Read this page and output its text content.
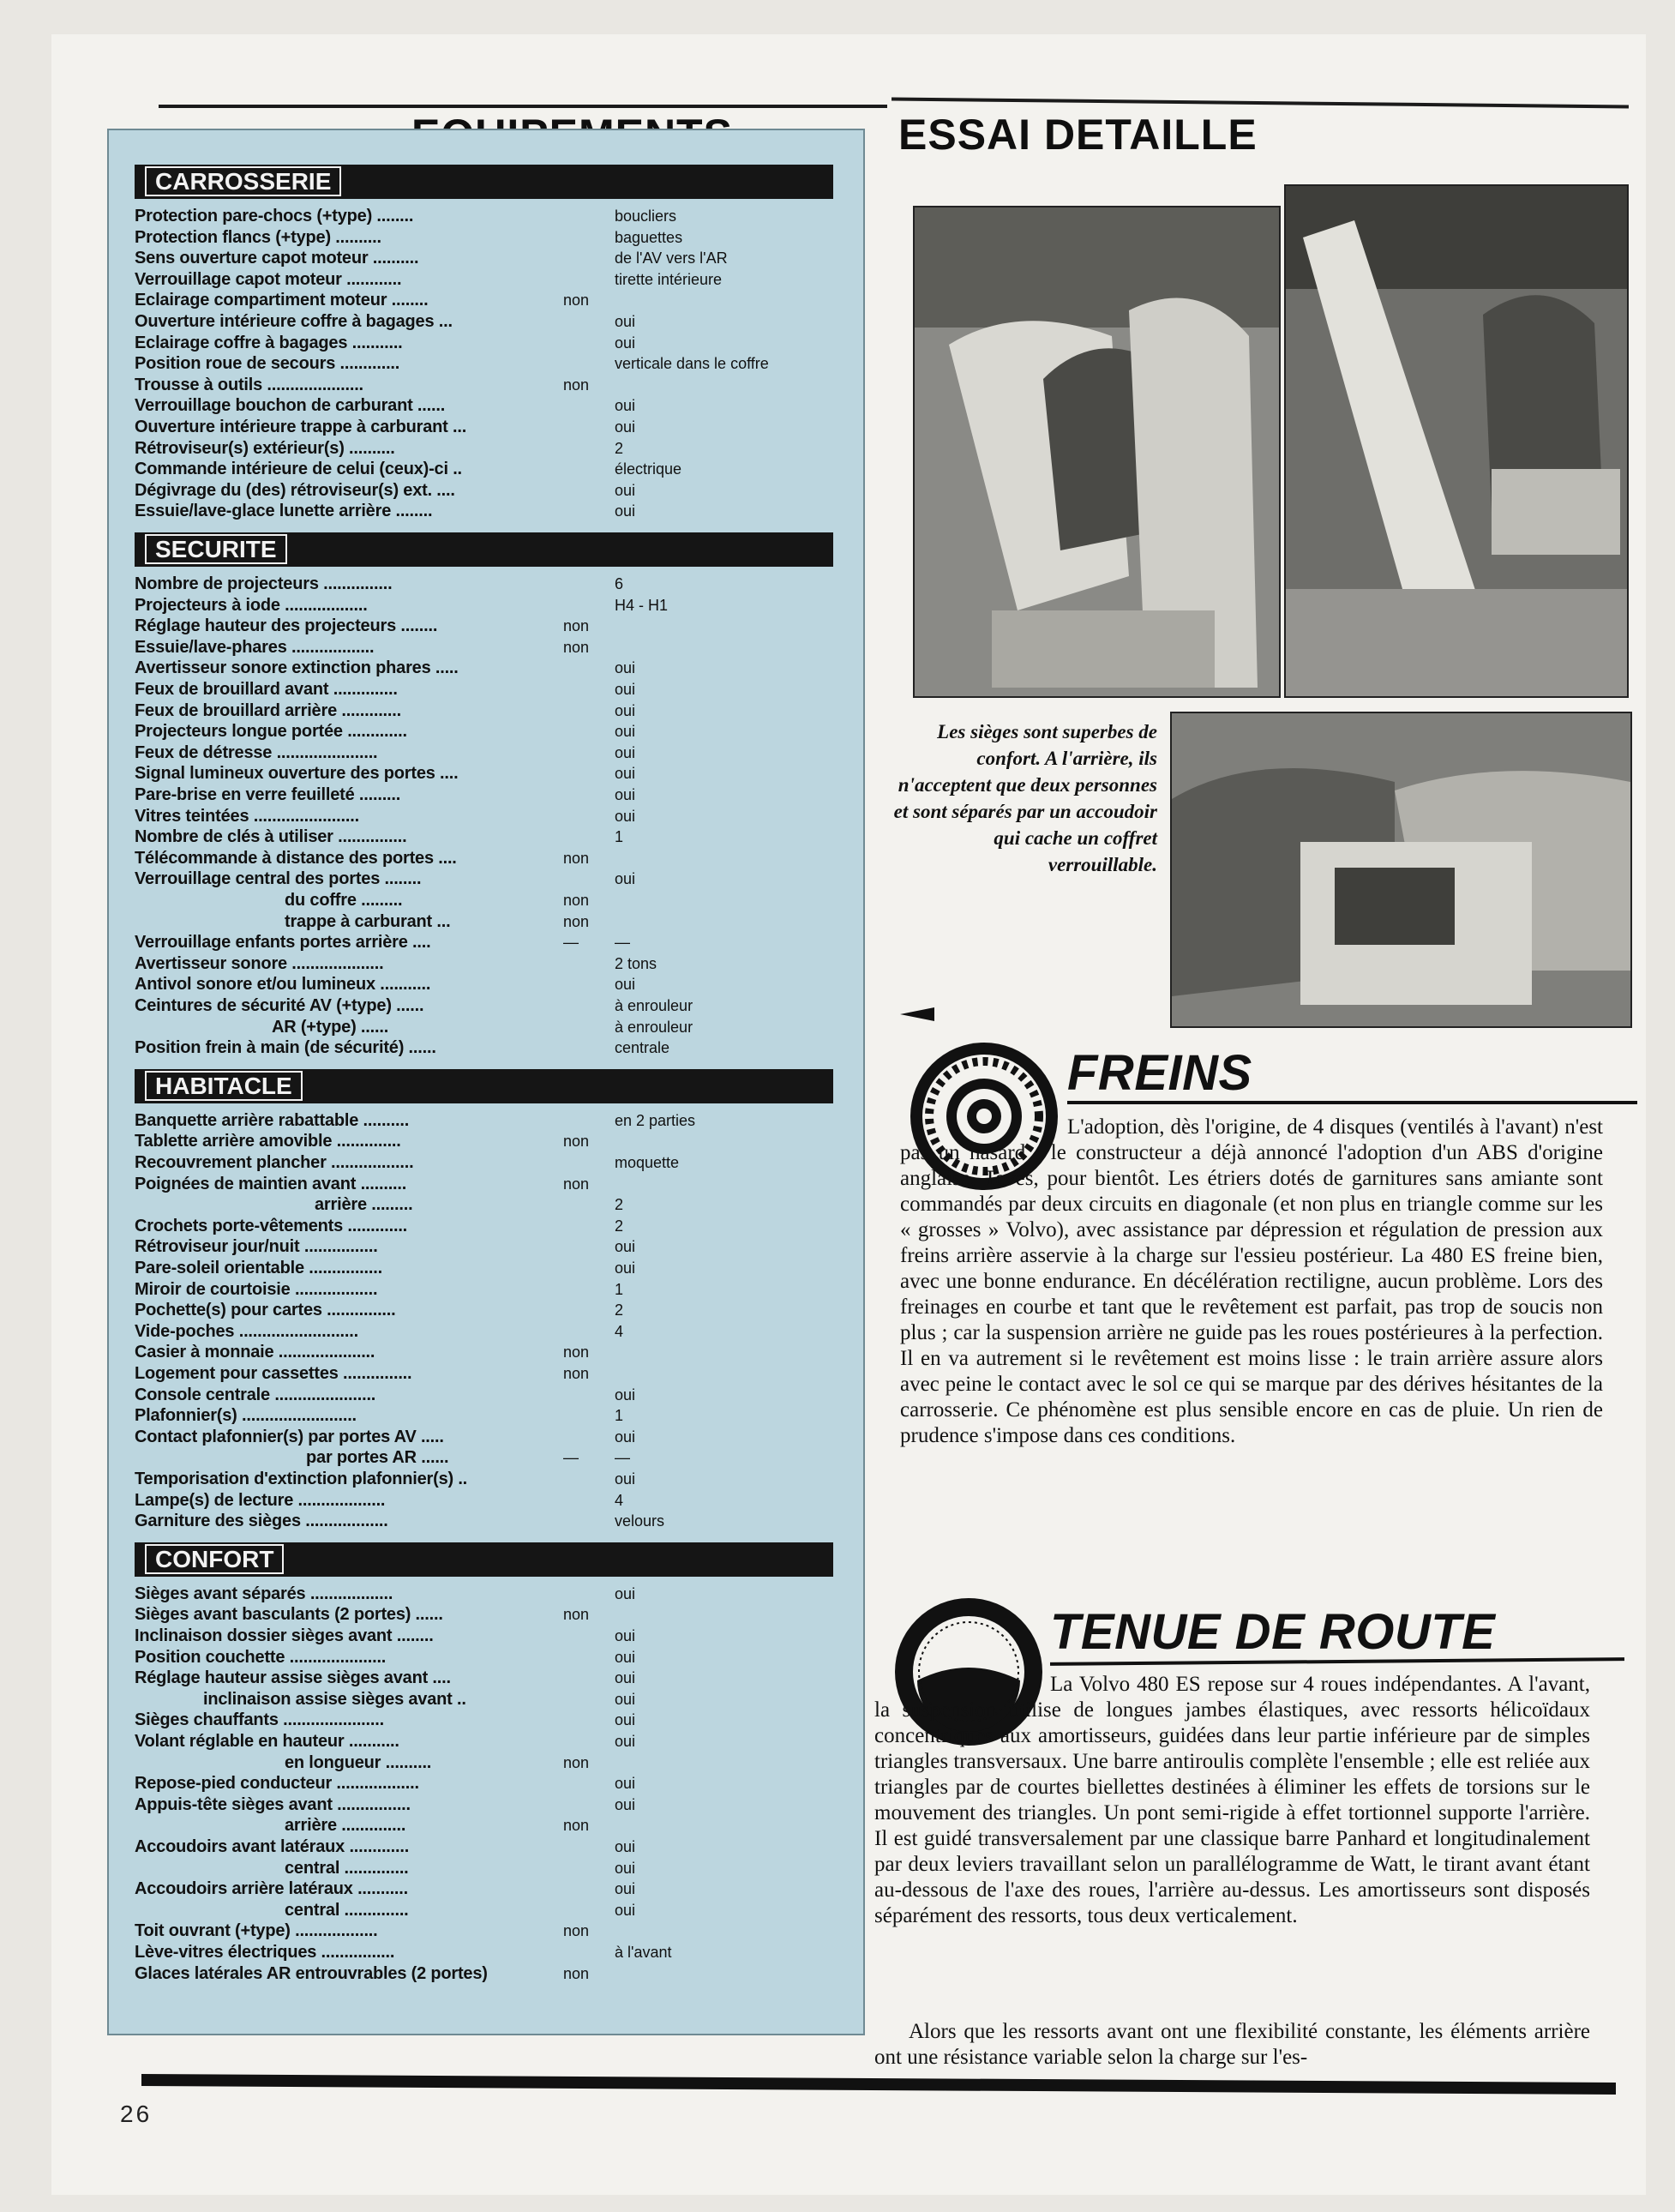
ESSAI DETAILLE
CARROSSERIE
Protection pare-chocs (+type) ........	boucliers
Protection flancs (+type) ..........	baguettes
Sens ouverture capot moteur ..........	de l'AV vers l'AR
Verrouillage capot moteur ............	tirette intérieure
Eclairage compartiment moteur ........	non
Ouverture intérieure coffre à bagages ...	oui
Eclairage coffre à bagages ...........	oui
Position roue de secours .............	verticale dans le coffre
Trousse à outils .....................	non
Verrouillage bouchon de carburant ......	oui
Ouverture intérieure trappe à carburant ...	oui
Rétroviseur(s) extérieur(s) ..........	2
Commande intérieure de celui (ceux)-ci ..	électrique
Dégivrage du (des) rétroviseur(s) ext. ....	oui
Essuie/lave-glace lunette arrière ........	oui
SECURITE
Nombre de projecteurs ...............	6
Projecteurs à iode ..................	H4 - H1
Réglage hauteur des projecteurs ........	non
Essuie/lave-phares ..................	non
Avertisseur sonore extinction phares .....	oui
Feux de brouillard avant ..............	oui
Feux de brouillard arrière .............	oui
Projecteurs longue portée .............	oui
Feux de détresse ......................	oui
Signal lumineux ouverture des portes ....	oui
Pare-brise en verre feuilleté .........	oui
Vitres teintées .......................	oui
Nombre de clés à utiliser ...............	1
Télécommande à distance des portes ....	non
Verrouillage central des portes ........	oui
du coffre .........	non
trappe à carburant ...	non
Verrouillage enfants portes arrière ....	— —
Avertisseur sonore ....................	2 tons
Antivol sonore et/ou lumineux ...........	oui
Ceintures de sécurité AV (+type) ......	à enrouleur
AR (+type) ......	à enrouleur
Position frein à main (de sécurité) ......	centrale
HABITACLE
Banquette arrière rabattable ..........	en 2 parties
Tablette arrière amovible ..............	non
Recouvrement plancher ..................	moquette
Poignées de maintien avant ..........	non
arrière .........	2
Crochets porte-vêtements .............	2
Rétroviseur jour/nuit ................	oui
Pare-soleil orientable ................	oui
Miroir de courtoisie ..................	1
Pochette(s) pour cartes ...............	2
Vide-poches ..........................	4
Casier à monnaie .....................	non
Logement pour cassettes ...............	non
Console centrale ......................	oui
Plafonnier(s) .........................	1
Contact plafonnier(s) par portes AV .....	oui
par portes AR ......	— —
Temporisation d'extinction plafonnier(s) ..	oui
Lampe(s) de lecture ...................	4
Garniture des sièges ..................	velours
CONFORT
Sièges avant séparés ..................	oui
Sièges avant basculants (2 portes) ......	non
Inclinaison dossier sièges avant ........	oui
Position couchette .....................	oui
Réglage hauteur assise sièges avant ....	oui
inclinaison assise sièges avant ..	oui
Sièges chauffants ......................	oui
Volant réglable en hauteur ...........	oui
en longueur ..........	non
Repose-pied conducteur ..................	oui
Appuis-tête sièges avant ................	oui
arrière ..............	non
Accoudoirs avant latéraux .............	oui
central ..............	oui
Accoudoirs arrière latéraux ...........	oui
central ..............	oui
Toit ouvrant (+type) ..................	non
Lève-vitres électriques ................	à l'avant
Glaces latérales AR entrouvrables (2 portes)	non
Les sièges sont superbes de confort. A l'arrière, ils n'acceptent que deux personnes et sont séparés par un accoudoir qui cache un coffret verrouillable.
FREINS

L'adoption, dès l'origine, de 4 disques (ventilés à l'avant) n'est pas un hasard : le constructeur a déjà annoncé l'adoption d'un ABS d'origine anglaise, Teves, pour bientôt. Les étriers dotés de garnitures sans amiante sont commandés par deux circuits en diagonale (et non plus en triangle comme sur les « grosses » Volvo), avec assistance par dépression et régulation de pression aux freins arrière asservie à la charge sur l'essieu postérieur. La 480 ES freine bien, avec une bonne endurance. En décélération rectiligne, aucun problème. Lors des freinages en courbe et tant que le revêtement est parfait, pas trop de soucis non plus ; car la suspension arrière ne guide pas les roues postérieures à la perfection. Il en va autrement si le revêtement est moins lisse : le train arrière assure alors avec peine le contact avec le sol ce qui se marque par des dérives hésitantes de la carrosserie. Ce phénomène est plus sensible encore en cas de pluie. Un rien de prudence s'impose dans ces conditions.

TENUE DE ROUTE

La Volvo 480 ES repose sur 4 roues indépendantes. A l'avant, la suspension utilise de longues jambes élastiques, avec ressorts hélicoïdaux concentriques aux amortisseurs, guidées dans leur partie inférieure par de simples triangles transversaux. Une barre antiroulis complète l'ensemble ; elle est reliée aux triangles par de courtes biellettes destinées à éliminer les effets de torsions sur le mouvement des triangles. Un pont semi-rigide à effet tortionnel supporte l'arrière. Il est guidé transversalement par une classique barre Panhard et longitudinalement par deux leviers travaillant selon un parallélogramme de Watt, le tirant avant étant au-dessous de l'axe des roues, l'arrière au-dessus. Les amortisseurs sont disposés séparément des ressorts, tous deux verticalement.

Alors que les ressorts avant ont une flexibilité constante, les éléments arrière ont une résistance variable selon la charge sur l'es-

26
